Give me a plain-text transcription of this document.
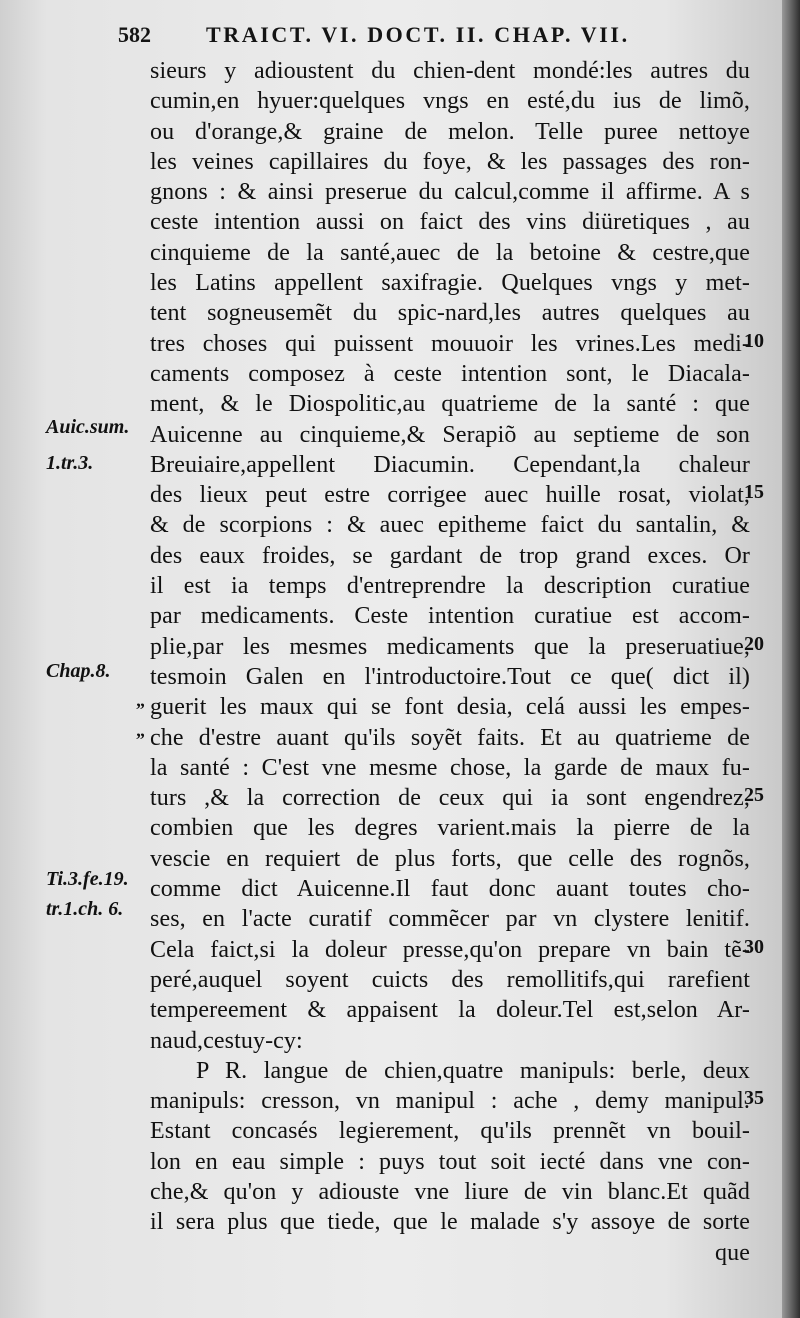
582	TRAICT. VI. DOCT. II. CHAP. VII.
sieurs y adioustent du chien-dent mondé:les autres du
cumin,en hyuer:quelques vngs en esté,du ius de limõ,
ou d'orange,& graine de melon. Telle puree nettoye
les veines capillaires du foye, & les passages des ron-
gnons : & ainsi preserue du calcul,comme il affirme. A s
ceste intention aussi on faict des vins diüretiques , au
cinquieme de la santé,auec de la betoine & cestre,que
les Latins appellent saxifragie. Quelques vngs y met-
tent sogneusemẽt du spic-nard,les autres quelques au
tres choses qui puissent mouuoir les vrines.Les medi-
caments composez à ceste intention sont, le Diacala-
ment, & le Diospolitic,au quatrieme de la santé : que
Auicenne au cinquieme,& Serapiõ au septieme de son
Breuiaire,appellent Diacumin. Cependant,la chaleur
des lieux peut estre corrigee auec huille rosat, violat,
& de scorpions : & auec epitheme faict du santalin, &
des eaux froides, se gardant de trop grand exces. Or
il est ia temps d'entreprendre la description curatiue
par medicaments. Ceste intention curatiue est accom-
plie,par les mesmes medicaments que la preseruatiue,
tesmoin Galen en l'introductoire.Tout ce que( dict il)
guerit les maux qui se font desia, celá aussi les empes-
che d'estre auant qu'ils soyẽt faits. Et au quatrieme de
la santé : C'est vne mesme chose, la garde de maux fu-
turs ,& la correction de ceux qui ia sont engendrez,
combien que les degres varient.mais la pierre de la
vescie en requiert de plus forts, que celle des rognõs,
comme dict Auicenne.Il faut donc auant toutes cho-
ses, en l'acte curatif commẽcer par vn clystere lenitif.
Cela faict,si la doleur presse,qu'on prepare vn bain tẽ-
peré,auquel soyent cuicts des remollitifs,qui rarefient
tempereement & appaisent la doleur.Tel est,selon Ar-
naud,cestuy-cy:
P R. langue de chien,quatre manipuls: berle, deux
manipuls: cresson, vn manipul : ache , demy manipul.
Estant concasés legierement, qu'ils prennẽt vn bouil-
lon en eau simple : puys tout soit iecté dans vne con-
che,& qu'on y adiouste vne liure de vin blanc.Et quãd
il sera plus que tiede, que le malade s'y assoye de sorte
que
Auic.sum.
1.tr.3.
Chap.8.
Ti.3.fe.19.
tr.1.ch. 6.
„
„
10
15
20
25
30
35
